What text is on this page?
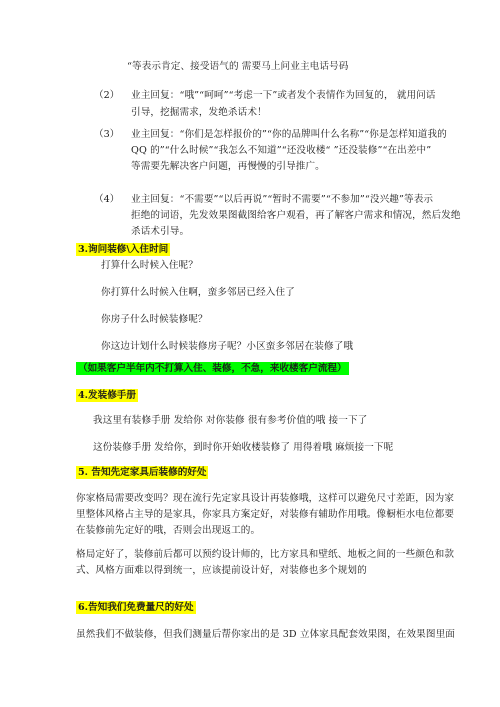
“等表示肯定、接受语气的 需要马上问业主电话号码
（2） 业主回复：“哦”“呵呵”“考虑一下”或者发个表情作为回复的， 就用问话
引导，挖掘需求，发绝杀话术！
（3） 业主回复：“你们是怎样报价的”“你的品牌叫什么名称”“你是怎样知道我的
QQ 的”“什么时候”“我怎么不知道”“还没收楼“ ”还没装修”“在出差中”
等需要先解决客户问题，再慢慢的引导推广。
（4） 业主回复：“不需要”“以后再说”“暂时不需要”“不参加”“没兴趣”等表示
拒绝的词语，先发效果图截图给客户观看，再了解客户需求和情况，然后发绝
杀话术引导。
3.询问装修\入住时间
打算什么时候入住呢？
你打算什么时候入住啊，蛮多邻居已经入住了
你房子什么时候装修呢？
你这边计划什么时候装修房子呢？小区蛮多邻居在装修了哦
（如果客户半年内不打算入住、装修，不急，来收楼客户流程）
4.发装修手册
我这里有装修手册 发给你 对你装修 很有参考价值的哦 接一下了
这份装修手册 发给你，到时你开始收楼装修了 用得着哦 麻烦接一下呢
5. 告知先定家具后装修的好处
你家格局需要改变吗？现在流行先定家具设计再装修哦，这样可以避免尺寸差距，因为家
里整体风格占主导的是家具，你家具方案定好，对装修有辅助作用哦。像橱柜水电位都要
在装修前先定好的哦，否则会出现返工的。
格局定好了，装修前后都可以预约设计师的，比方家具和壁纸、地板之间的一些颜色和款
式、风格方面难以得到统一，应该提前设计好，对装修也多个规划的
6.告知我们免费量尺的好处
虽然我们不做装修，但我们测量后帮你家出的是 3D 立体家具配套效果图，在效果图里面
